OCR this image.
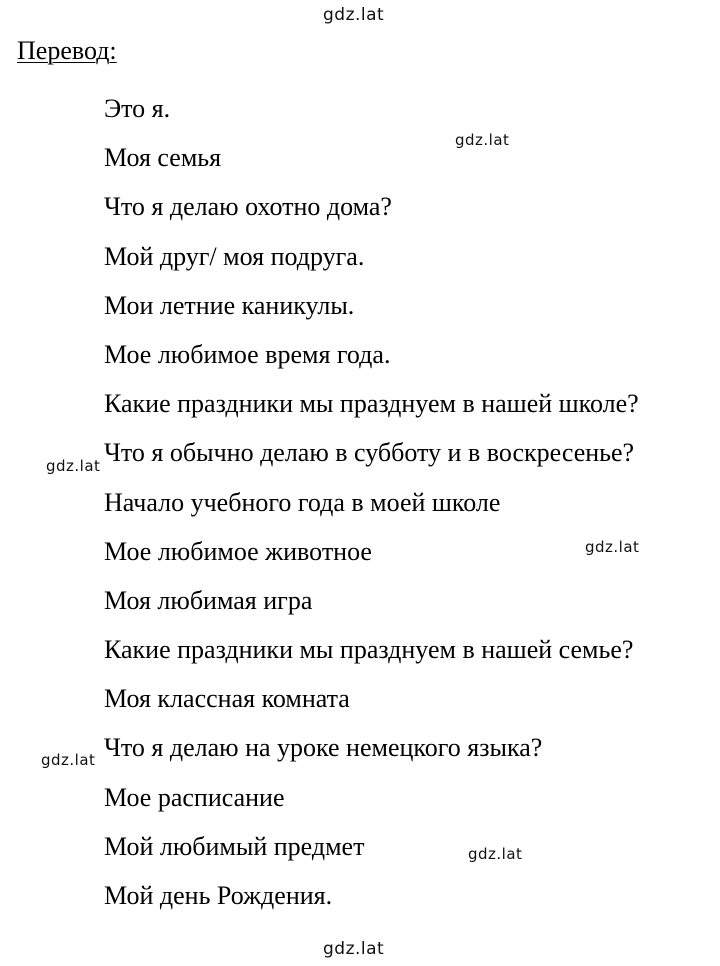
gdz.lat
gdz.lat
gdz.lat
gdz.lat
gdz.lat
gdz.lat
gdz.lat
Перевод:
Это я.
Моя семья
Что я делаю охотно дома?
Мой друг/ моя подруга.
Мои летние каникулы.
Мое любимое время года.
Какие праздники мы празднуем в нашей школе?
Что я обычно делаю в субботу и в воскресенье?
Начало учебного года в моей школе
Мое любимое животное
Моя любимая игра
Какие праздники мы празднуем в нашей семье?
Моя классная комната
Что я делаю на уроке немецкого языка?
Мое расписание
Мой любимый предмет
Мой день Рождения.
